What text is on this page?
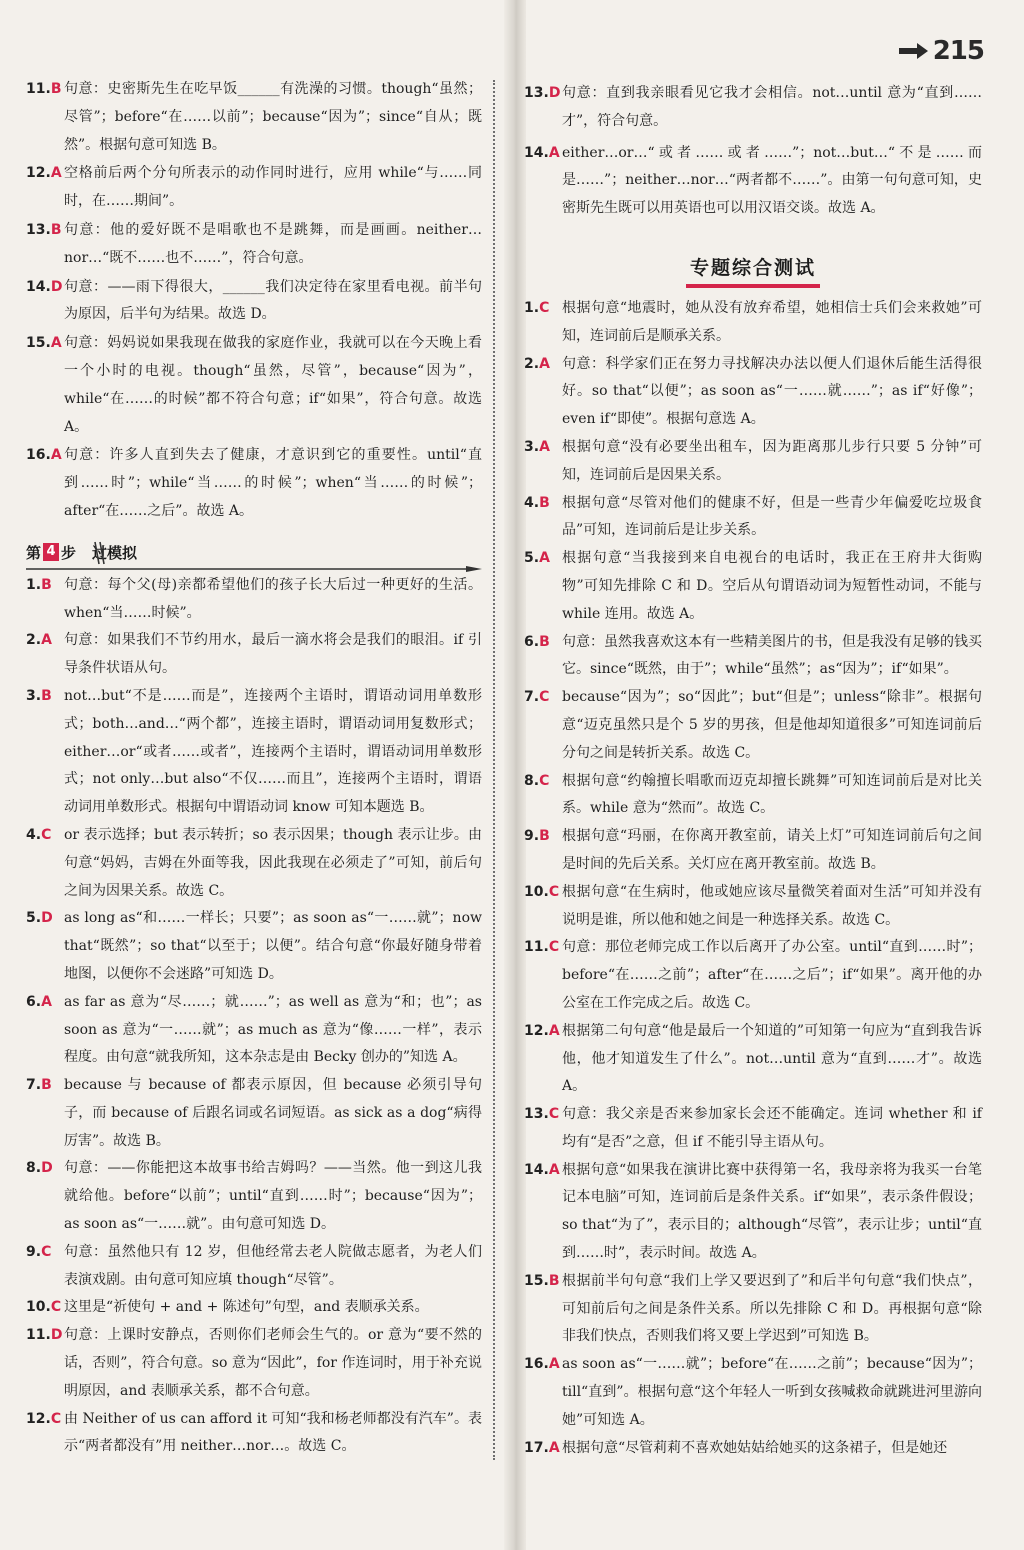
215
11.B 句意：史密斯先生在吃早饭______有洗澡的习惯。though“虽然；尽管”；before“在……以前”；because“因为”；since“自从；既然”。根据句意可知选 B。
12.A 空格前后两个分句所表示的动作同时进行，应用 while“与……同时，在……期间”。
13.B 句意：他的爱好既不是唱歌也不是跳舞，而是画画。neither…nor…“既不……也不……”，符合句意。
14.D 句意：——雨下得很大，______我们决定待在家里看电视。前半句为原因，后半句为结果。故选 D。
15.A 句意：妈妈说如果我现在做我的家庭作业，我就可以在今天晚上看一个小时的电视。though“虽然，尽管”，because“因为”，while“在……的时候”都不符合句意；if“如果”，符合句意。故选 A。
16.A 句意：许多人直到失去了健康，才意识到它的重要性。until“直到……时”；while“当……的时候”；when“当……的时候”；after“在……之后”。故选 A。
第 4 步 过模拟
1.B 句意：每个父(母)亲都希望他们的孩子长大后过一种更好的生活。when“当……时候”。
2.A 句意：如果我们不节约用水，最后一滴水将会是我们的眼泪。if 引导条件状语从句。
3.B not…but“不是……而是”，连接两个主语时，谓语动词用单数形式；both…and…“两个都”，连接主语时，谓语动词用复数形式；either…or“或者……或者”，连接两个主语时，谓语动词用单数形式；not only…but also“不仅……而且”，连接两个主语时，谓语动词用单数形式。根据句中谓语动词 know 可知本题选 B。
4.C or 表示选择；but 表示转折；so 表示因果；though 表示让步。由句意“妈妈，吉姆在外面等我，因此我现在必须走了”可知，前后句之间为因果关系。故选 C。
5.D as long as“和……一样长；只要”；as soon as“一……就”；now that“既然”；so that“以至于；以便”。结合句意“你最好随身带着地图，以便你不会迷路”可知选 D。
6.A as far as 意为“尽……；就……”；as well as 意为“和；也”；as soon as 意为“一……就”；as much as 意为“像……一样”，表示程度。由句意“就我所知，这本杂志是由 Becky 创办的”知选 A。
7.B because 与 because of 都表示原因，但 because 必须引导句子，而 because of 后跟名词或名词短语。as sick as a dog“病得厉害”。故选 B。
8.D 句意：——你能把这本故事书给吉姆吗？——当然。他一到这儿我就给他。before“以前”；until“直到……时”；because“因为”；as soon as“一……就”。由句意可知选 D。
9.C 句意：虽然他只有 12 岁，但他经常去老人院做志愿者，为老人们表演戏剧。由句意可知应填 though“尽管”。
10.C 这里是“祈使句 + and + 陈述句”句型，and 表顺承关系。
11.D 句意：上课时安静点，否则你们老师会生气的。or 意为“要不然的话，否则”，符合句意。so 意为“因此”，for 作连词时，用于补充说明原因，and 表顺承关系，都不合句意。
12.C 由 Neither of us can afford it 可知“我和杨老师都没有汽车”。表示“两者都没有”用 neither…nor…。故选 C。
13.D 句意：直到我亲眼看见它我才会相信。not…until 意为“直到……才”，符合句意。
14.A either…or…“或者……或者……”；not…but…“不是……而是……”；neither…nor…“两者都不……”。由第一句句意可知，史密斯先生既可以用英语也可以用汉语交谈。故选 A。
专题综合测试
1.C 根据句意“地震时，她从没有放弃希望，她相信士兵们会来救她”可知，连词前后是顺承关系。
2.A 句意：科学家们正在努力寻找解决办法以便人们退休后能生活得很好。so that“以便”；as soon as“一……就……”；as if“好像”；even if“即使”。根据句意选 A。
3.A 根据句意“没有必要坐出租车，因为距离那儿步行只要 5 分钟”可知，连词前后是因果关系。
4.B 根据句意“尽管对他们的健康不好，但是一些青少年偏爱吃垃圾食品”可知，连词前后是让步关系。
5.A 根据句意“当我接到来自电视台的电话时，我正在王府井大街购物”可知先排除 C 和 D。空后从句谓语动词为短暂性动词，不能与 while 连用。故选 A。
6.B 句意：虽然我喜欢这本有一些精美图片的书，但是我没有足够的钱买它。since“既然，由于”；while“虽然”；as“因为”；if“如果”。
7.C because“因为”；so“因此”；but“但是”；unless“除非”。根据句意“迈克虽然只是个 5 岁的男孩，但是他却知道很多”可知连词前后分句之间是转折关系。故选 C。
8.C 根据句意“约翰擅长唱歌而迈克却擅长跳舞”可知连词前后是对比关系。while 意为“然而”。故选 C。
9.B 根据句意“玛丽，在你离开教室前，请关上灯”可知连词前后句之间是时间的先后关系。关灯应在离开教室前。故选 B。
10.C 根据句意“在生病时，他或她应该尽量微笑着面对生活”可知并没有说明是谁，所以他和她之间是一种选择关系。故选 C。
11.C 句意：那位老师完成工作以后离开了办公室。until“直到……时”；before“在……之前”；after“在……之后”；if“如果”。离开他的办公室在工作完成之后。故选 C。
12.A 根据第二句句意“他是最后一个知道的”可知第一句应为“直到我告诉他，他才知道发生了什么”。not…until 意为“直到……才”。故选 A。
13.C 句意：我父亲是否来参加家长会还不能确定。连词 whether 和 if 均有“是否”之意，但 if 不能引导主语从句。
14.A 根据句意“如果我在演讲比赛中获得第一名，我母亲将为我买一台笔记本电脑”可知，连词前后是条件关系。if“如果”，表示条件假设；so that“为了”，表示目的；although“尽管”，表示让步；until“直到……时”，表示时间。故选 A。
15.B 根据前半句句意“我们上学又要迟到了”和后半句句意“我们快点”，可知前后句之间是条件关系。所以先排除 C 和 D。再根据句意“除非我们快点，否则我们将又要上学迟到”可知选 B。
16.A as soon as“一……就”；before“在……之前”；because“因为”；till“直到”。根据句意“这个年轻人一听到女孩喊救命就跳进河里游向她”可知选 A。
17.A 根据句意“尽管莉莉不喜欢她姑姑给她买的这条裙子，但是她还
